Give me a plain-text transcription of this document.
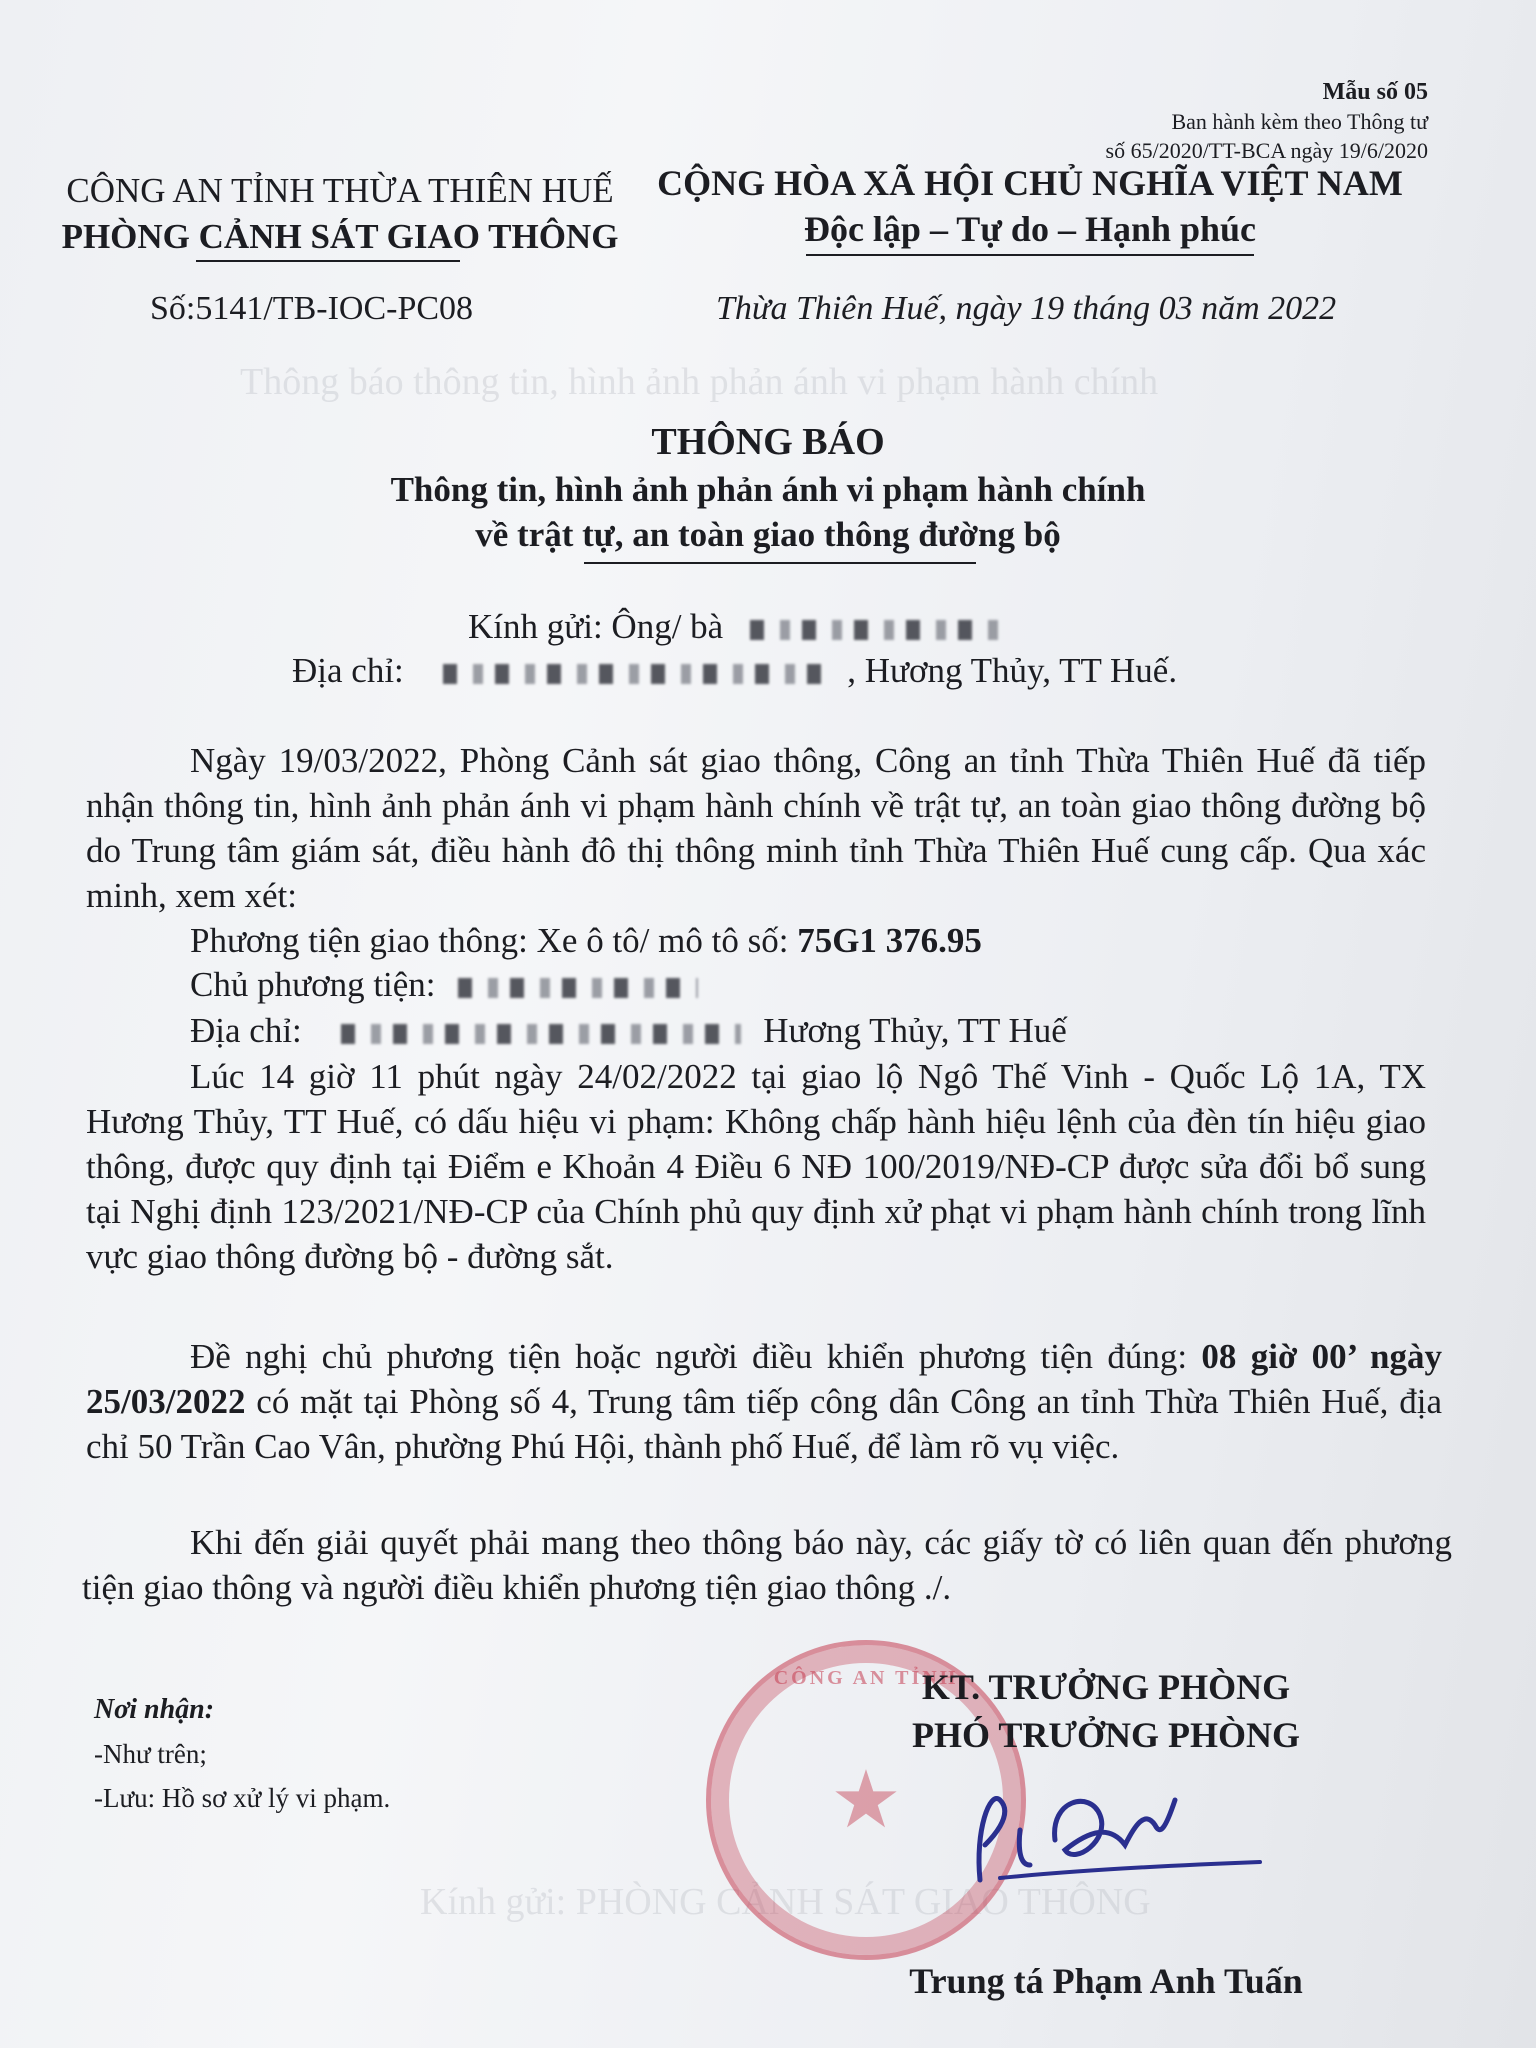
Thông báo thông tin, hình ảnh phản ánh vi phạm hành chính
Kính gửi: PHÒNG CẢNH SÁT GIAO THÔNG
Mẫu số 05
Ban hành kèm theo Thông tư
số 65/2020/TT-BCA ngày 19/6/2020
CÔNG AN TỈNH THỪA THIÊN HUẾ
PHÒNG CẢNH SÁT GIAO THÔNG
CỘNG HÒA XÃ HỘI CHỦ NGHĨA VIỆT NAM
Độc lập – Tự do – Hạnh phúc
Số:5141/TB-IOC-PC08	Thừa Thiên Huế, ngày 19 tháng 03 năm 2022
THÔNG BÁO
Thông tin, hình ảnh phản ánh vi phạm hành chính
về trật tự, an toàn giao thông đường bộ
Kính gửi: Ông/ bà
Địa chỉ:	, Hương Thủy, TT Huế.
Ngày 19/03/2022, Phòng Cảnh sát giao thông, Công an tỉnh Thừa Thiên Huế đã tiếp nhận thông tin, hình ảnh phản ánh vi phạm hành chính về trật tự, an toàn giao thông đường bộ do Trung tâm giám sát, điều hành đô thị thông minh tỉnh Thừa Thiên Huế cung cấp. Qua xác minh, xem xét:
Phương tiện giao thông: Xe ô tô/ mô tô số: 75G1 376.95
Chủ phương tiện:
Địa chỉ:	Hương Thủy, TT Huế
Lúc 14 giờ 11 phút ngày 24/02/2022 tại giao lộ Ngô Thế Vinh - Quốc Lộ 1A, TX Hương Thủy, TT Huế, có dấu hiệu vi phạm: Không chấp hành hiệu lệnh của đèn tín hiệu giao thông, được quy định tại Điểm e Khoản 4 Điều 6 NĐ 100/2019/NĐ-CP được sửa đổi bổ sung tại Nghị định 123/2021/NĐ-CP của Chính phủ quy định xử phạt vi phạm hành chính trong lĩnh vực giao thông đường bộ - đường sắt.
Đề nghị chủ phương tiện hoặc người điều khiển phương tiện đúng: 08 giờ 00’ ngày 25/03/2022 có mặt tại Phòng số 4, Trung tâm tiếp công dân Công an tỉnh Thừa Thiên Huế, địa chỉ 50 Trần Cao Vân, phường Phú Hội, thành phố Huế, để làm rõ vụ việc.
Khi đến giải quyết phải mang theo thông báo này, các giấy tờ có liên quan đến phương tiện giao thông và người điều khiển phương tiện giao thông ./.
Nơi nhận:
-Như trên;
-Lưu: Hồ sơ xử lý vi phạm.
CÔNG AN TỈNH
★
KT. TRƯỞNG PHÒNG
PHÓ TRƯỞNG PHÒNG
Trung tá Phạm Anh Tuấn
